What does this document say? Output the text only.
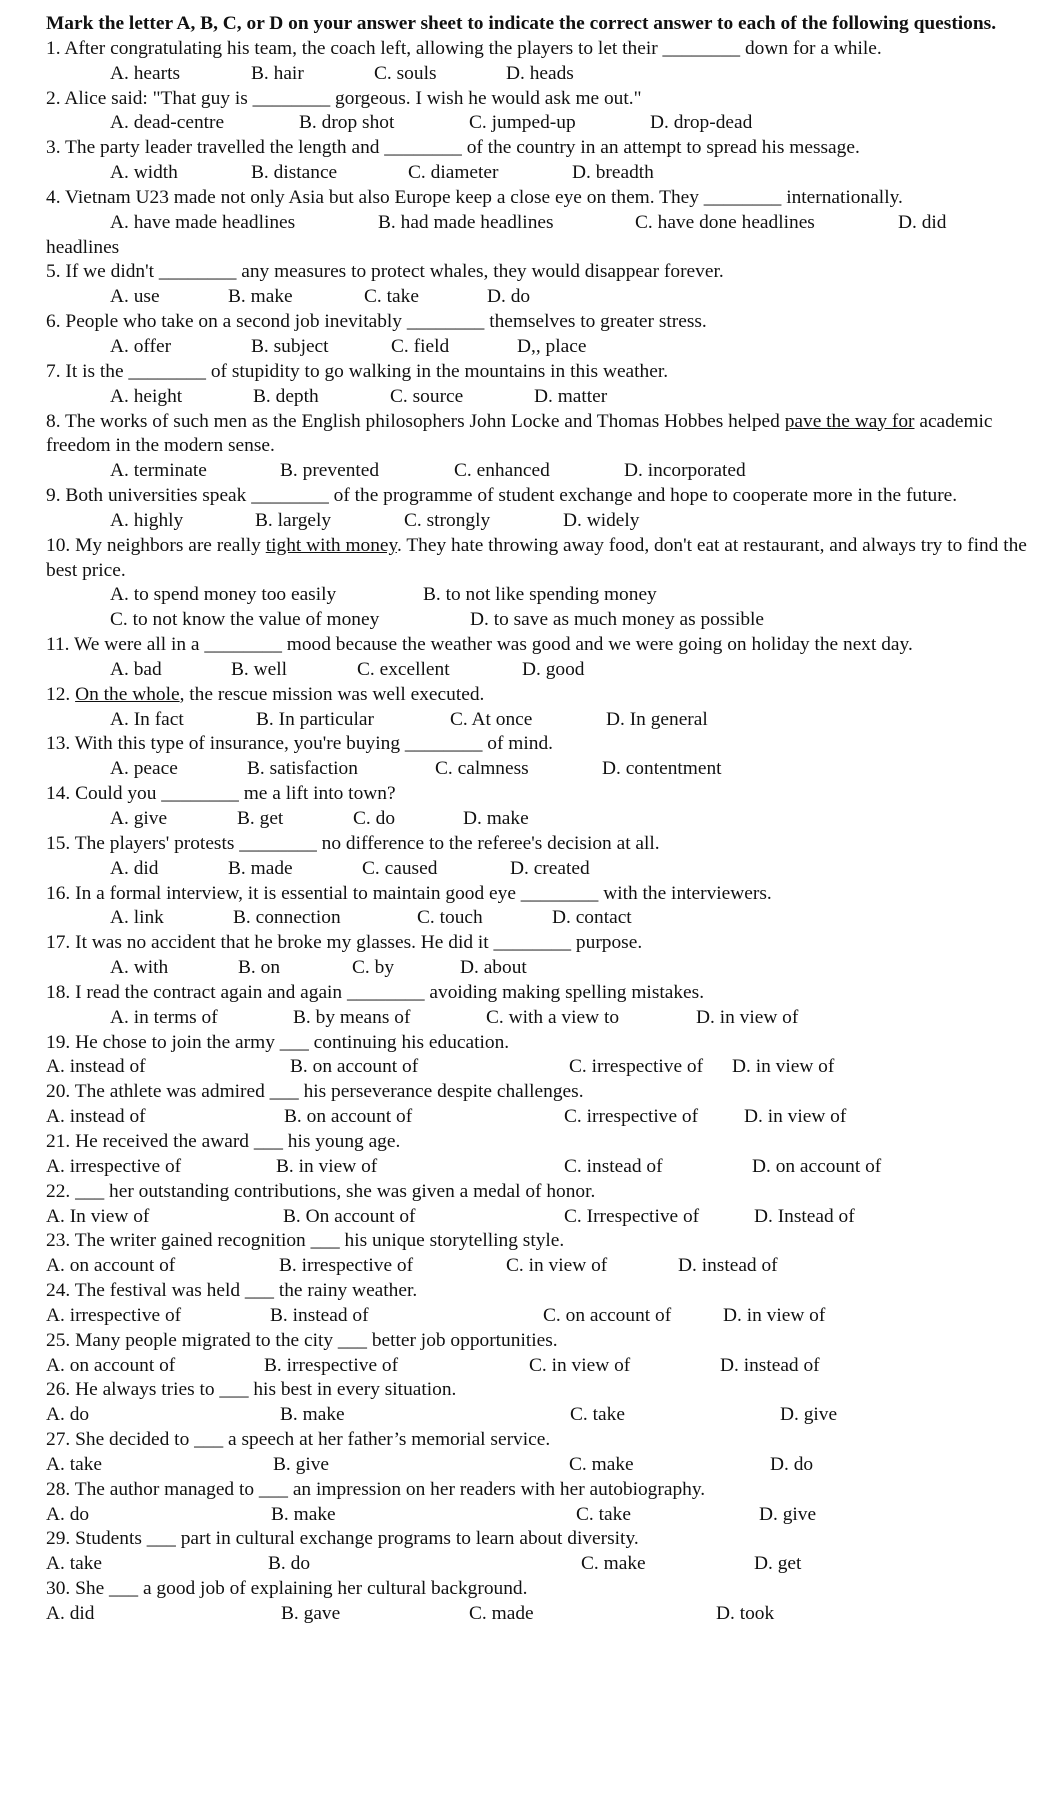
Mark the letter A, B, C, or D on your answer sheet to indicate the correct answer to each of the following questions.
1. After congratulating his team, the coach left, allowing the players to let their ________ down for a while.
A. hearts	B. hair	C. souls	D. heads
2. Alice said: "That guy is ________ gorgeous. I wish he would ask me out."
A. dead-centre	B. drop shot	C. jumped-up	D. drop-dead
3. The party leader travelled the length and ________ of the country in an attempt to spread his message.
A. width	B. distance	C. diameter	D. breadth
4. Vietnam U23 made not only Asia but also Europe keep a close eye on them. They ________ internationally.
A. have made headlines	B. had made headlines	C. have done headlines	D. did
headlines
5. If we didn't ________ any measures to protect whales, they would disappear forever.
A. use	B. make	C. take	D. do
6. People who take on a second job inevitably ________ themselves to greater stress.
A. offer	B. subject	C. field	D,, place
7. It is the ________ of stupidity to go walking in the mountains in this weather.
A. height	B. depth	C. source	D. matter
8. The works of such men as the English philosophers John Locke and Thomas Hobbes helped pave the way for academic freedom in the modern sense.
A. terminate	B. prevented	C. enhanced	D. incorporated
9. Both universities speak ________ of the programme of student exchange and hope to cooperate more in the future.
A. highly	B. largely	C. strongly	D. widely
10. My neighbors are really tight with money. They hate throwing away food, don't eat at restaurant, and always try to find the best price.
A. to spend money too easily	B. to not like spending money
C. to not know the value of money	D. to save as much money as possible
11. We were all in a ________ mood because the weather was good and we were going on holiday the next day.
A. bad	B. well	C. excellent	D. good
12. On the whole, the rescue mission was well executed.
A. In fact	B. In particular	C. At once	D. In general
13. With this type of insurance, you're buying ________ of mind.
A. peace	B. satisfaction	C. calmness	D. contentment
14. Could you ________ me a lift into town?
A. give	B. get	C. do	D. make
15. The players' protests ________ no difference to the referee's decision at all.
A. did	B. made	C. caused	D. created
16. In a formal interview, it is essential to maintain good eye ________ with the interviewers.
A. link	B. connection	C. touch	D. contact
17. It was no accident that he broke my glasses. He did it ________ purpose.
A. with	B. on	C. by	D. about
18. I read the contract again and again ________ avoiding making spelling mistakes.
A. in terms of	B. by means of	C. with a view to	D. in view of
19. He chose to join the army ___ continuing his education.
A. instead of	B. on account of	C. irrespective of D. in view of
20. The athlete was admired ___ his perseverance despite challenges.
A. instead of	B. on account of	C. irrespective of D. in view of
21. He received the award ___ his young age.
A. irrespective of	B. in view of	C. instead of	D. on account of
22. ___ her outstanding contributions, she was given a medal of honor.
A. In view of	B. On account of	C. Irrespective of	D. Instead of
23. The writer gained recognition ___ his unique storytelling style.
A. on account of	B. irrespective of	C. in view of	D. instead of
24. The festival was held ___ the rainy weather.
A. irrespective of	B. instead of	C. on account of	D. in view of
25. Many people migrated to the city ___ better job opportunities.
A. on account of	B. irrespective of	C. in view of	D. instead of
26. He always tries to ___ his best in every situation.
A. do	B. make	C. take	D. give
27. She decided to ___ a speech at her father’s memorial service.
A. take	B. give	C. make	D. do
28. The author managed to ___ an impression on her readers with her autobiography.
A. do	B. make	C. take	D. give
29. Students ___ part in cultural exchange programs to learn about diversity.
A. take	B. do	C. make	D. get
30. She ___ a good job of explaining her cultural background.
A. did	B. gave	C. made	D. took
